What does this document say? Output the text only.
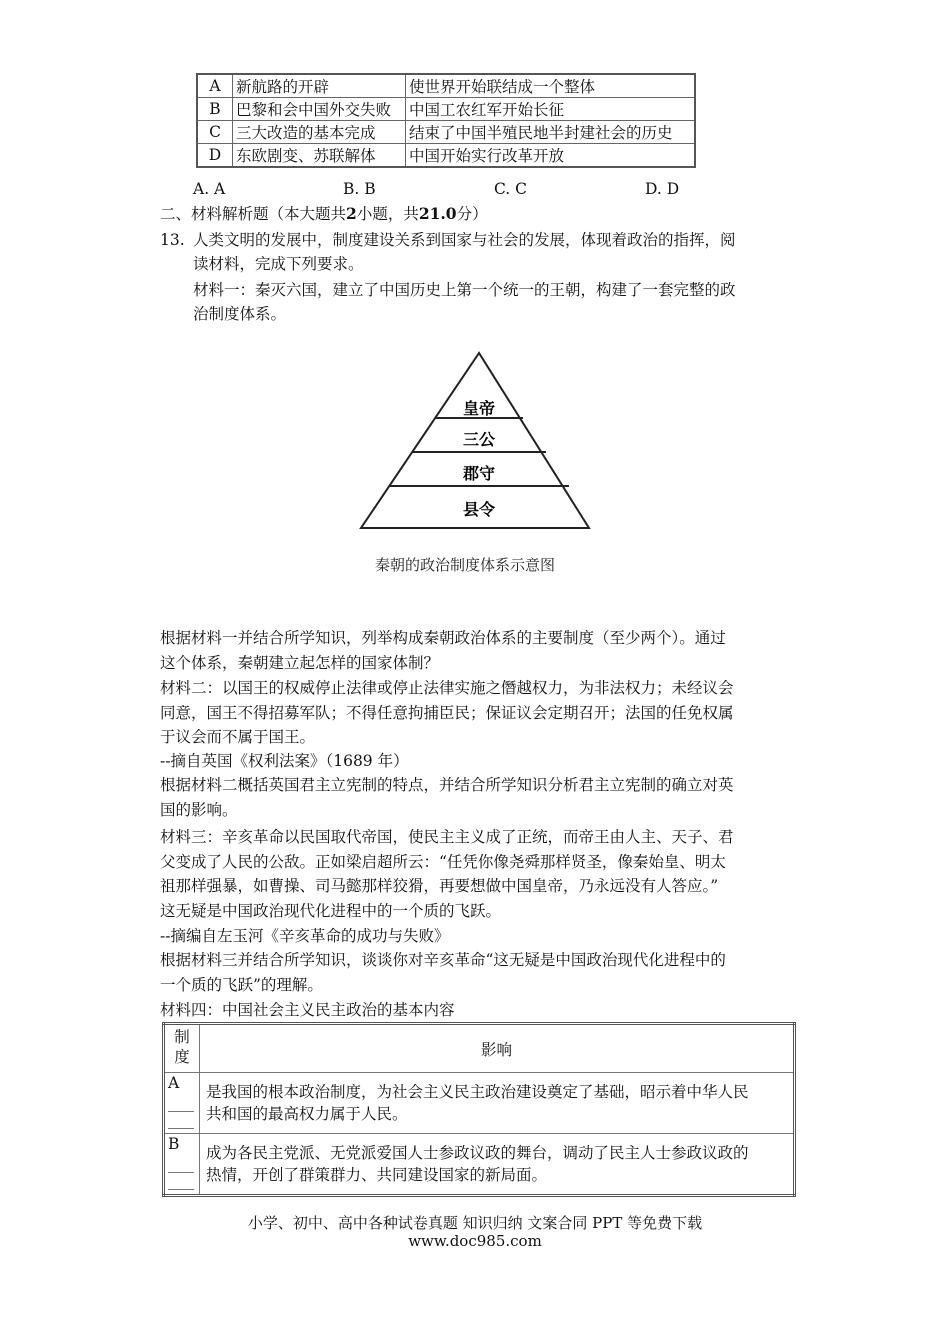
A	新航路的开辟	使世界开始联结成一个整体
B	巴黎和会中国外交失败	中国工农红军开始长征
C	三大改造的基本完成	结束了中国半殖民地半封建社会的历史
D	东欧剧变、苏联解体	中国开始实行改革开放
A. A	B. B	C. C	D. D
二、材料解析题（本大题共2小题，共21.0分）
13. 人类文明的发展中，制度建设关系到国家与社会的发展，体现着政治的指挥，阅
读材料，完成下列要求。
材料一：秦灭六国，建立了中国历史上第一个统一的王朝，构建了一套完整的政
治制度体系。
皇帝
三公
郡守
县令
秦朝的政治制度体系示意图
根据材料一并结合所学知识，列举构成秦朝政治体系的主要制度（至少两个）。通过
这个体系，秦朝建立起怎样的国家体制？
材料二：以国王的权威停止法律或停止法律实施之僭越权力，为非法权力；未经议会
同意，国王不得招募军队；不得任意拘捕臣民；保证议会定期召开；法国的任免权属
于议会而不属于国王。
--摘自英国《权利法案》（1689 年）
根据材料二概括英国君主立宪制的特点，并结合所学知识分析君主立宪制的确立对英
国的影响。
材料三：辛亥革命以民国取代帝国，使民主主义成了正统，而帝王由人主、天子、君
父变成了人民的公敌。正如梁启超所云：“任凭你像尧舜那样贤圣，像秦始皇、明太
祖那样强暴，如曹操、司马懿那样狡猾，再要想做中国皇帝，乃永远没有人答应。”
这无疑是中国政治现代化进程中的一个质的飞跃。
--摘编自左玉河《辛亥革命的成功与失败》
根据材料三并结合所学知识，谈谈你对辛亥革命“这无疑是中国政治现代化进程中的
一个质的飞跃”的理解。
材料四：中国社会主义民主政治的基本内容
制
度	影响
A	是我国的根本政治制度，为社会主义民主政治建设奠定了基础，昭示着中华人民
共和国的最高权力属于人民。

B	成为各民主党派、无党派爱国人士参政议政的舞台，调动了民主人士参政议政的
热情，开创了群策群力、共同建设国家的新局面。
小学、初中、高中各种试卷真题 知识归纳 文案合同 PPT 等免费下载
www.doc985.com
